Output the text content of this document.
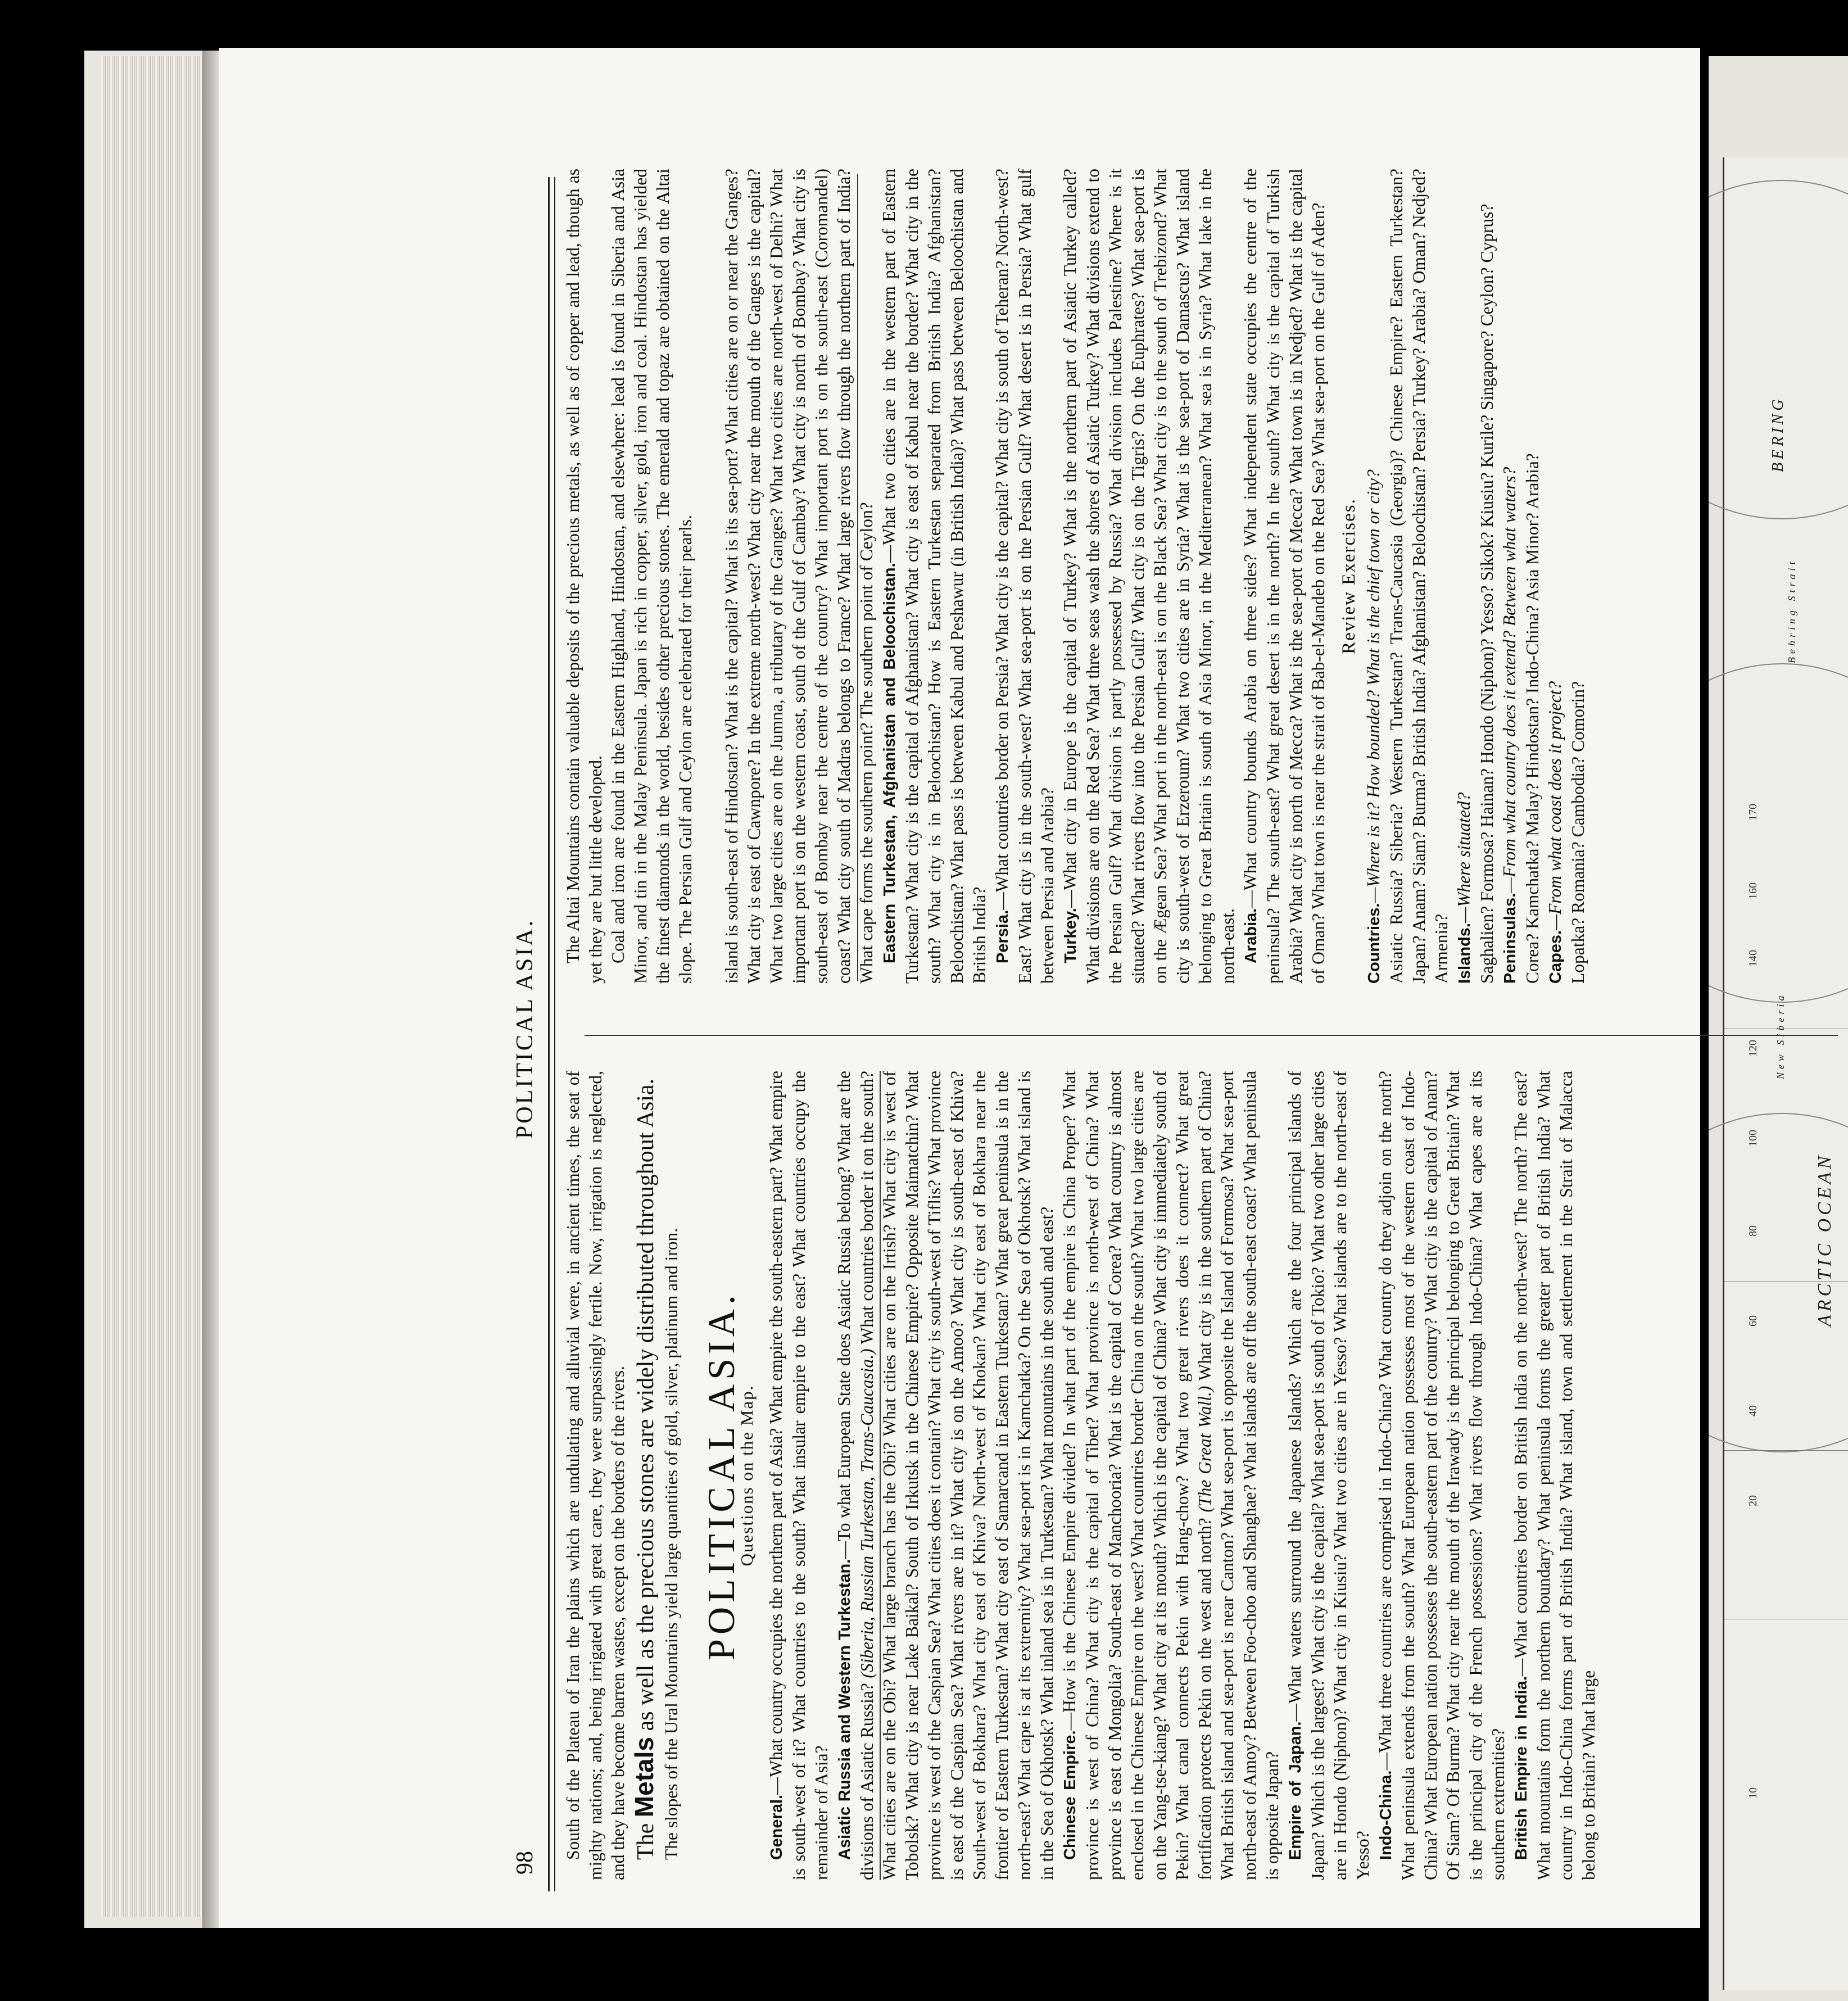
ARCTIC OCEAN
BERING
Behring Strait
10
20
40
60
80
100
120
140
160
170
98
POLITICAL ASIA.

South of the Plateau of Iran the plains which are undulating and alluvial were, in ancient times, the seat of mighty nations; and, being irrigated with great care, they were surpassingly fertile. Now, irrigation is neglected, and they have become barren wastes, except on the borders of the rivers. The Metals as well as the precious stones are widely distributed throughout Asia. The slopes of the Ural Mountains yield large quantities of gold, silver, platinum and iron. POLITICAL ASIA.
Questions on the Map.

General.—What country occupies the northern part of Asia? What empire the south-eastern part? What empire is south-west of it? What countries to the south? What insular empire to the east? What countries occupy the remainder of Asia? Asiatic Russia and Western Turkestan.—To what European State does Asiatic Russia belong? What are the divisions of Asiatic Russia? (Siberia, Russian Turkestan, Trans-Caucasia.) What countries border it on the south? What cities are on the Obi? What large branch has the Obi? What cities are on the Irtish? What city is west of Tobolsk? What city is near Lake Baikal? South of Irkutsk in the Chinese Empire? Opposite Maimatchin? What province is west of the Caspian Sea? What cities does it contain? What city is south-west of Tiflis? What province is east of the Caspian Sea? What rivers are in it? What city is on the Amoo? What city is south-east of Khiva? South-west of Bokhara? What city east of Khiva? North-west of Khokan? What city east of Bokhara near the frontier of Eastern Turkestan? What city east of Samarcand in Eastern Turkestan? What great peninsula is in the north-east? What cape is at its extremity? What sea-port is in Kamchatka? On the Sea of Okhotsk? What island is in the Sea of Okhotsk? What inland sea is in Turkestan? What mountains in the south and east? Chinese Empire.—How is the Chinese Empire divided? In what part of the empire is China Proper? What province is west of China? What city is the capital of Tibet? What province is north-west of China? What province is east of Mongolia? South-east of Manchooria? What is the capital of Corea? What country is almost enclosed in the Chinese Empire on the west? What countries border China on the south? What two large cities are on the Yang-tse-kiang? What city at its mouth? Which is the capital of China? What city is immediately south of Pekin? What canal connects Pekin with Hang-chow? What two great rivers does it connect? What great fortification protects Pekin on the west and north? (The Great Wall.) What city is in the southern part of China? What British island and sea-port is near Canton? What sea-port is opposite the Island of Formosa? What sea-port north-east of Amoy? Between Foo-choo and Shanghae? What islands are off the south-east coast? What peninsula is opposite Japan? Empire of Japan.—What waters surround the Japanese Islands? Which are the four principal islands of Japan? Which is the largest? What city is the capital? What sea-port is south of Tokio? What two other large cities are in Hondo (Niphon)? What city in Kiusiu? What two cities are in Yesso? What islands are to the north-east of Yesso? Indo-China.—What three countries are comprised in Indo-China? What country do they adjoin on the north? What peninsula extends from the south? What European nation possesses most of the western coast of Indo-China? What European nation possesses the south-eastern part of the country? What city is the capital of Anam? Of Siam? Of Burma? What city near the mouth of the Irawady is the principal belonging to Great Britain? What is the principal city of the French possessions? What rivers flow through Indo-China? What capes are at its southern extremities? British Empire in India.—What countries border on British India on the north-west? The north? The east? What mountains form the northern boundary? What peninsula forms the greater part of British India? What country in Indo-China forms part of British India? What island, town and settlement in the Strait of Malacca belong to Britain? What large

The Altai Mountains contain valuable deposits of the precious metals, as well as of copper and lead, though as yet they are but little developed. Coal and iron are found in the Eastern Highland, Hindostan, and elsewhere: lead is found in Siberia and Asia Minor, and tin in the Malay Peninsula. Japan is rich in copper, silver, gold, iron and coal. Hindostan has yielded the finest diamonds in the world, besides other precious stones. The emerald and topaz are obtained on the Altai slope. The Persian Gulf and Ceylon are celebrated for their pearls. island is south-east of Hindostan? What is the capital? What is its sea-port? What cities are on or near the Ganges? What city is east of Cawnpore? In the extreme north-west? What city near the mouth of the Ganges is the capital? What two large cities are on the Jumna, a tributary of the Ganges? What two cities are north-west of Delhi? What important port is on the western coast, south of the Gulf of Cambay? What city is north of Bombay? What city is south-east of Bombay near the centre of the country? What important port is on the south-east (Coromandel) coast? What city south of Madras belongs to France? What large rivers flow through the northern part of India? What cape forms the southern point? The southern point of Ceylon? Eastern Turkestan, Afghanistan and Beloochistan.—What two cities are in the western part of Eastern Turkestan? What city is the capital of Afghanistan? What city is east of Kabul near the border? What city in the south? What city is in Beloochistan? How is Eastern Turkestan separated from British India? Afghanistan? Beloochistan? What pass is between Kabul and Peshawur (in British India)? What pass between Beloochistan and British India? Persia.—What countries border on Persia? What city is the capital? What city is south of Teheran? North-west? East? What city is in the south-west? What sea-port is on the Persian Gulf? What desert is in Persia? What gulf between Persia and Arabia? Turkey.—What city in Europe is the capital of Turkey? What is the northern part of Asiatic Turkey called? What divisions are on the Red Sea? What three seas wash the shores of Asiatic Turkey? What divisions extend to the Persian Gulf? What division is partly possessed by Russia? What division includes Palestine? Where is it situated? What rivers flow into the Persian Gulf? What city is on the Tigris? On the Euphrates? What sea-port is on the Ægean Sea? What port in the north-east is on the Black Sea? What city is to the south of Trebizond? What city is south-west of Erzeroum? What two cities are in Syria? What is the sea-port of Damascus? What island belonging to Great Britain is south of Asia Minor, in the Mediterranean? What sea is in Syria? What lake in the north-east. Arabia.—What country bounds Arabia on three sides? What independent state occupies the centre of the peninsula? The south-east? What great desert is in the north? In the south? What city is the capital of Turkish Arabia? What city is north of Mecca? What is the sea-port of Mecca? What town is in Nedjed? What is the capital of Oman? What town is near the strait of Bab-el-Mandeb on the Red Sea? What sea-port on the Gulf of Aden? Review Exercises.

Countries.—Where is it? How bounded? What is the chief town or city? Asiatic Russia? Siberia? Western Turkestan? Trans-Caucasia (Georgia)? Chinese Empire? Eastern Turkestan? Japan? Anam? Siam? Burma? British India? Afghanistan? Beloochistan? Persia? Turkey? Arabia? Oman? Nedjed? Armenia? Islands.—Where situated? Saghalien? Formosa? Hainan? Hondo (Niphon)? Yesso? Sikok? Kiusiu? Kurile? Singapore? Ceylon? Cyprus? Peninsulas.—From what country does it extend? Between what waters? Corea? Kamchatka? Malay? Hindostan? Indo-China? Asia Minor? Arabia? Capes.—From what coast does it project? Lopatka? Romania? Cambodia? Comorin?
